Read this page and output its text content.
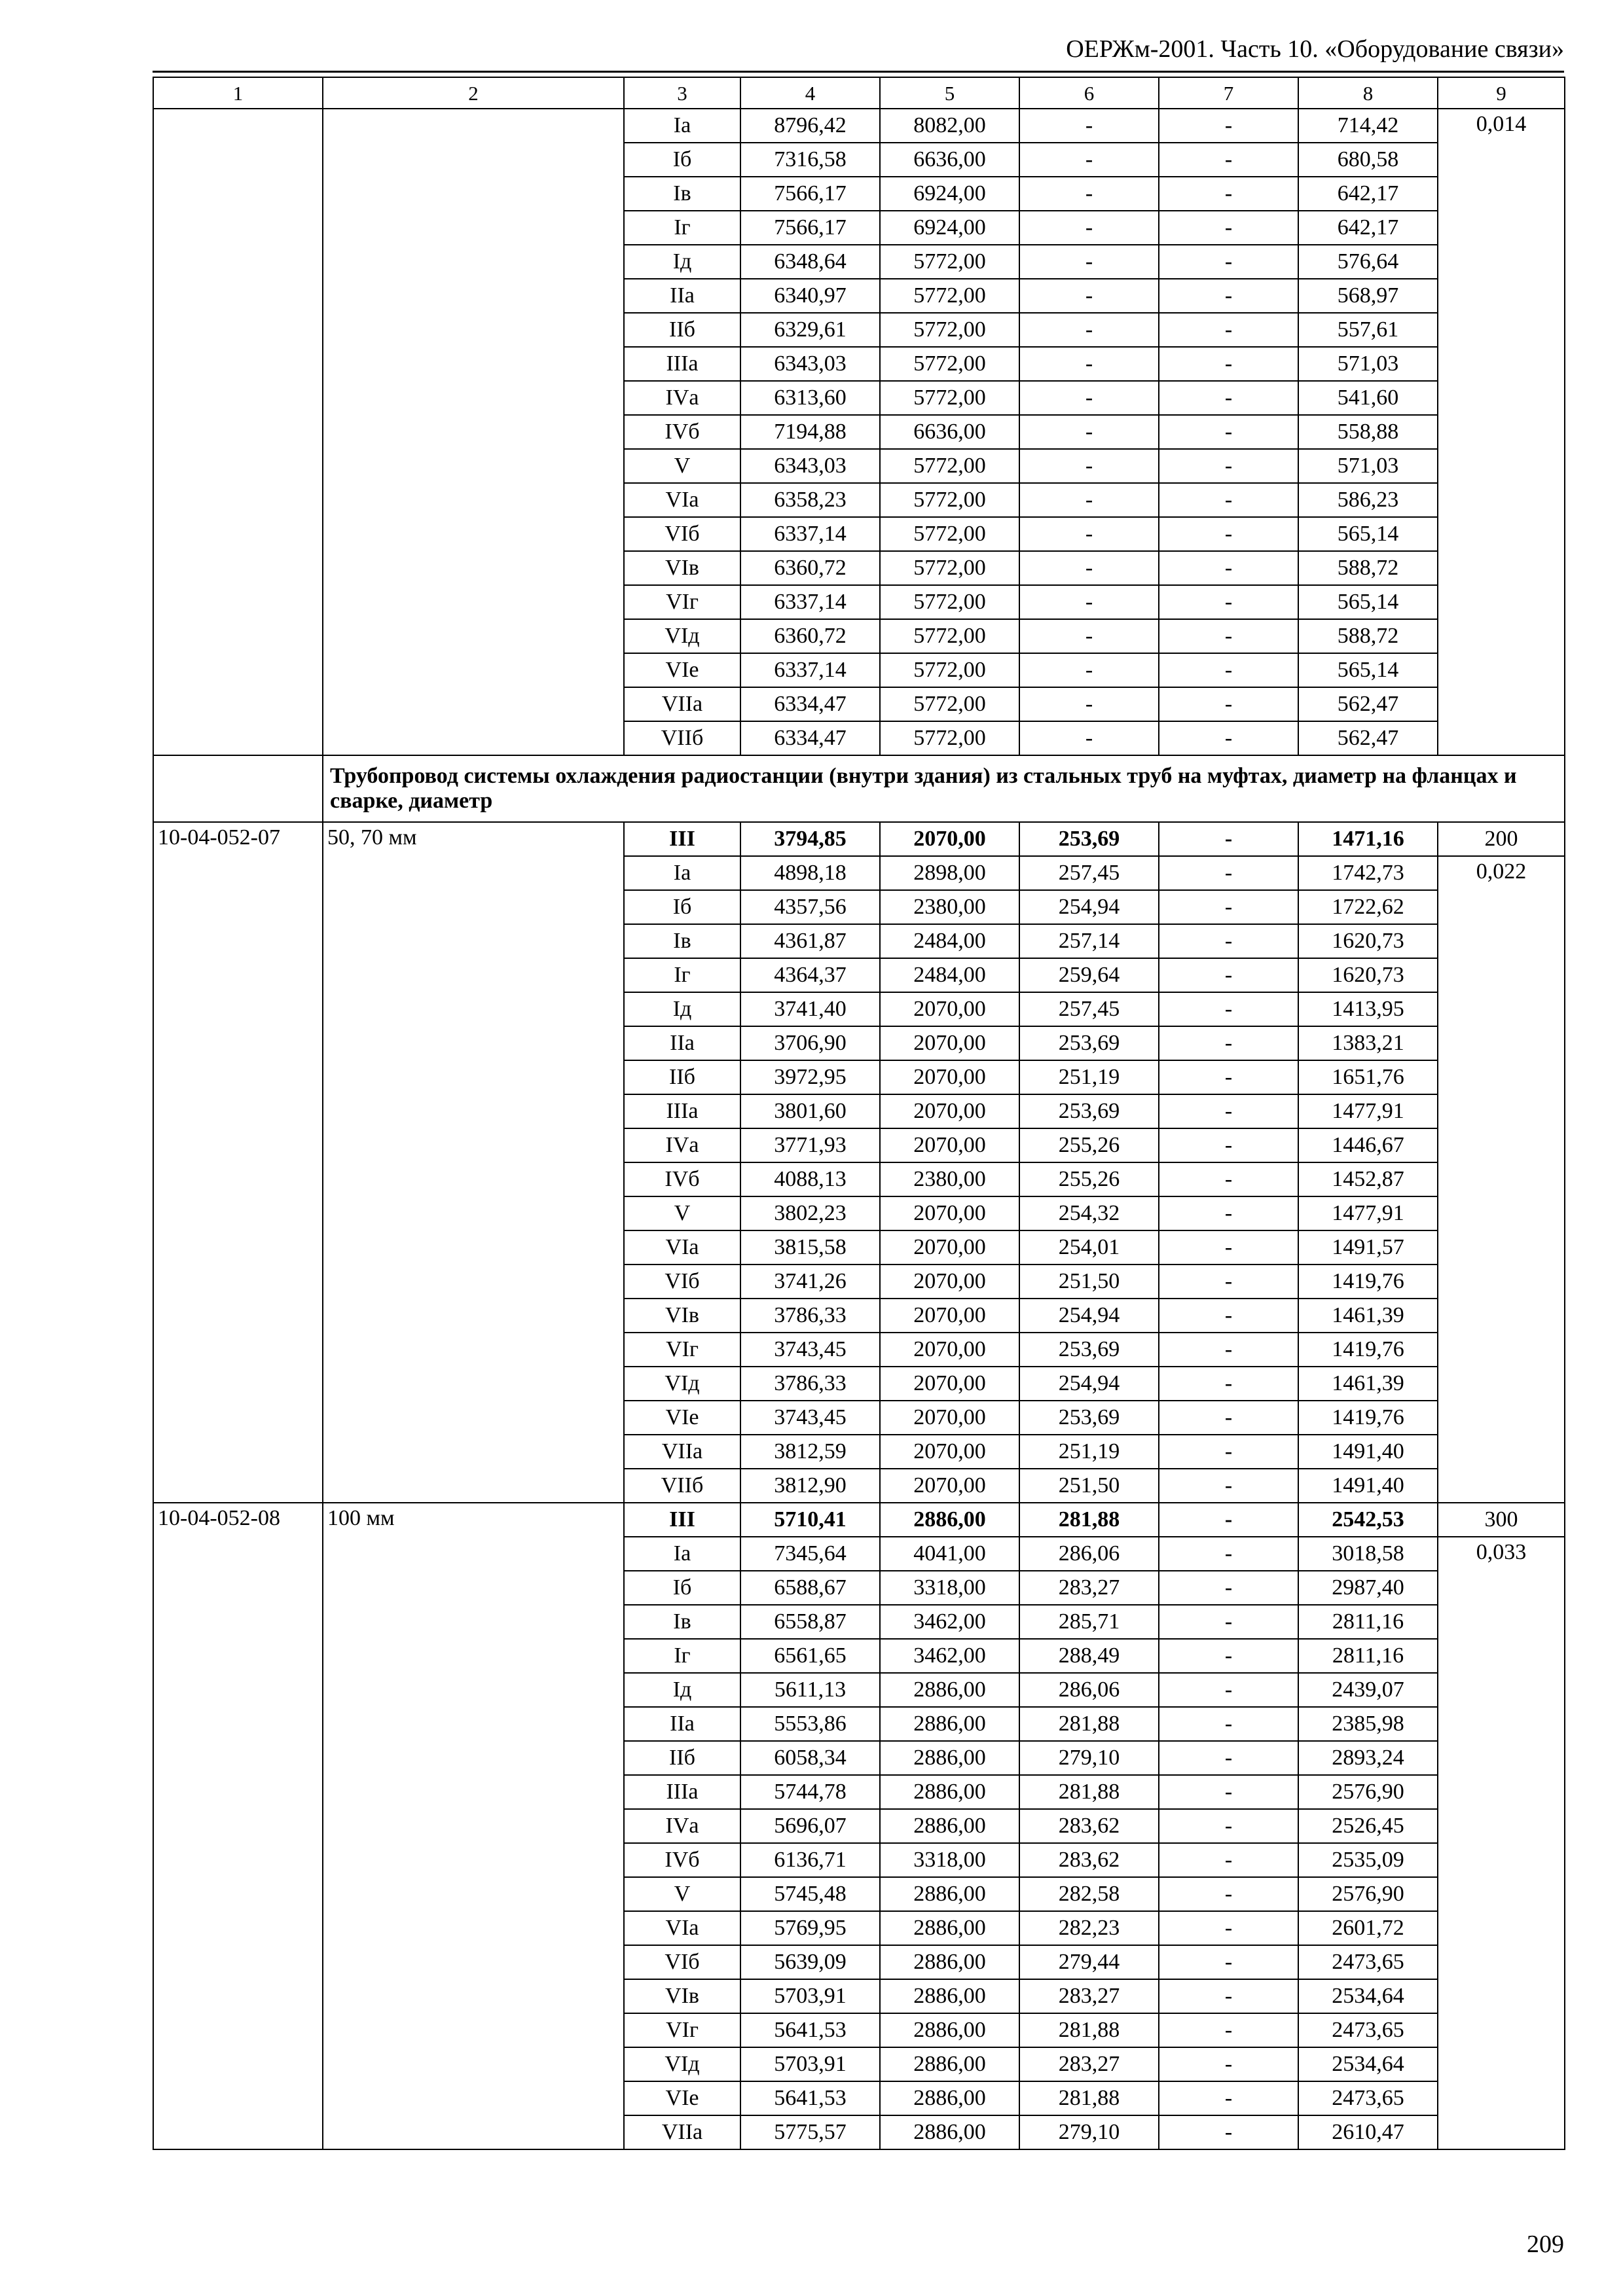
ОЕРЖм-2001. Часть 10. «Оборудование связи»
1	2	3	4	5	6	7	8	9
		Iа	8796,42	8082,00	-	-	714,42	0,014
		Iб	7316,58	6636,00	-	-	680,58	
		Iв	7566,17	6924,00	-	-	642,17	
		Iг	7566,17	6924,00	-	-	642,17	
		Iд	6348,64	5772,00	-	-	576,64	
		IIа	6340,97	5772,00	-	-	568,97	
		IIб	6329,61	5772,00	-	-	557,61	
		IIIа	6343,03	5772,00	-	-	571,03	
		IVа	6313,60	5772,00	-	-	541,60	
		IVб	7194,88	6636,00	-	-	558,88	
		V	6343,03	5772,00	-	-	571,03	
		VIа	6358,23	5772,00	-	-	586,23	
		VIб	6337,14	5772,00	-	-	565,14	
		VIв	6360,72	5772,00	-	-	588,72	
		VIг	6337,14	5772,00	-	-	565,14	
		VIд	6360,72	5772,00	-	-	588,72	
		VIе	6337,14	5772,00	-	-	565,14	
		VIIа	6334,47	5772,00	-	-	562,47	
		VIIб	6334,47	5772,00	-	-	562,47	
	Трубопровод системы охлаждения радиостанции (внутри здания) из стальных труб на муфтах, диаметр на фланцах и сварке, диаметр							
10-04-052-07	50, 70 мм	III	3794,85	2070,00	253,69	-	1471,16	200
		Iа	4898,18	2898,00	257,45	-	1742,73	0,022
		Iб	4357,56	2380,00	254,94	-	1722,62	
		Iв	4361,87	2484,00	257,14	-	1620,73	
		Iг	4364,37	2484,00	259,64	-	1620,73	
		Iд	3741,40	2070,00	257,45	-	1413,95	
		IIа	3706,90	2070,00	253,69	-	1383,21	
		IIб	3972,95	2070,00	251,19	-	1651,76	
		IIIа	3801,60	2070,00	253,69	-	1477,91	
		IVа	3771,93	2070,00	255,26	-	1446,67	
		IVб	4088,13	2380,00	255,26	-	1452,87	
		V	3802,23	2070,00	254,32	-	1477,91	
		VIа	3815,58	2070,00	254,01	-	1491,57	
		VIб	3741,26	2070,00	251,50	-	1419,76	
		VIв	3786,33	2070,00	254,94	-	1461,39	
		VIг	3743,45	2070,00	253,69	-	1419,76	
		VIд	3786,33	2070,00	254,94	-	1461,39	
		VIе	3743,45	2070,00	253,69	-	1419,76	
		VIIа	3812,59	2070,00	251,19	-	1491,40	
		VIIб	3812,90	2070,00	251,50	-	1491,40	
10-04-052-08	100 мм	III	5710,41	2886,00	281,88	-	2542,53	300
		Iа	7345,64	4041,00	286,06	-	3018,58	0,033
		Iб	6588,67	3318,00	283,27	-	2987,40	
		Iв	6558,87	3462,00	285,71	-	2811,16	
		Iг	6561,65	3462,00	288,49	-	2811,16	
		Iд	5611,13	2886,00	286,06	-	2439,07	
		IIа	5553,86	2886,00	281,88	-	2385,98	
		IIб	6058,34	2886,00	279,10	-	2893,24	
		IIIа	5744,78	2886,00	281,88	-	2576,90	
		IVа	5696,07	2886,00	283,62	-	2526,45	
		IVб	6136,71	3318,00	283,62	-	2535,09	
		V	5745,48	2886,00	282,58	-	2576,90	
		VIа	5769,95	2886,00	282,23	-	2601,72	
		VIб	5639,09	2886,00	279,44	-	2473,65	
		VIв	5703,91	2886,00	283,27	-	2534,64	
		VIг	5641,53	2886,00	281,88	-	2473,65	
		VIд	5703,91	2886,00	283,27	-	2534,64	
		VIе	5641,53	2886,00	281,88	-	2473,65	
		VIIа	5775,57	2886,00	279,10	-	2610,47	
209
